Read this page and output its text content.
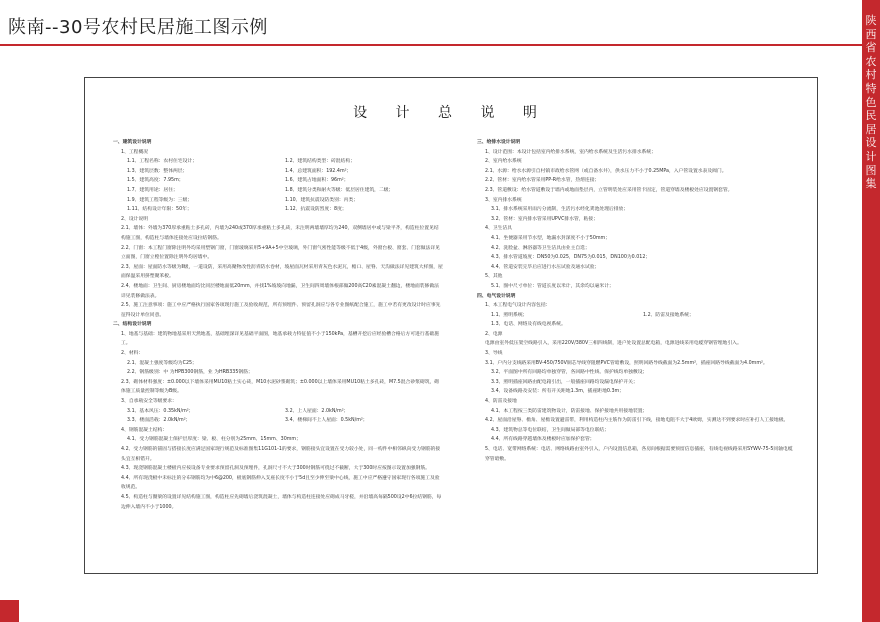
陕南--30号农村民居施工图示例	陕西省农村特色民居设计图集
设 计 总 说 明
一、建筑设计说明
1、工程概况
1.1、工程名称：农村住宅设计；	1.2、建筑结构类型：砖混结构；
1.3、建筑层数：整体两层；	1.4、总建筑面积：192.4m²；
1.5、建筑高度：7.95m；	1.6、建筑占地面积：96m²；
1.7、建筑用途：居住；	1.8、建筑分类和耐火等级：低层居住建筑，二级；
1.9、建筑工程等级为：三级；	1.10、建筑抗震设防类别：丙类；
1.11、结构设计年限：50年；	1.12、抗震设防烈度：8度；
2、设计说明
2.1、墙体：外墙为370厚承重粘土多孔砖，内墙为240或370厚承重粘土多孔砖，未注明两墙墙厚均为240，双侧墙居中或与梁平齐，构造柱位置见结构施工图，构造柱与墙体连接处应设拉结钢筋。
2.2、门窗：本工程门窗除注明外均采用塑钢门窗，门窗玻璃采用5+9A+5中空玻璃，外门窗气密性能等级不低于4级，外窗台板、窗套、门套做法详见立面图，门窗立樘位置除注明外均居墙中。
2.3、屋面：屋面防水等级为Ⅱ级，一道设防，采用高聚物改性沥青防水卷材，坡屋面瓦材采用青灰色水泥瓦，檐口、屋脊、天沟做法详见建筑大样图，屋面保温采用挤塑聚苯板。
2.4、楼地面：卫生间、厨房楼地面均比同层楼地面低20mm，并找1%坡坡向地漏，卫生间四周墙体根部做200高C20素混凝土翻边，楼地面装修做法详见装修做法表。
2.5、施工注意事项：施工中应严格执行国家各项现行施工及验收规范，所有预埋件、预留孔洞应与各专业图纸配合施工，施工中若有更改设计时应事先征得设计单位同意。
二、结构设计说明
1、地基与基础：建筑物地基采用天然地基，基础埋深详见基础平面图，地基承载力特征值不小于150kPa，基槽开挖后应经验槽合格后方可进行基础施工。
2、材料：
2.1、混凝土强度等级均为C25；
2.2、钢筋级别：中 为HPB300钢筋，业 为HRB335钢筋；
2.3、砌体材料强度：±0.000以下墙体采用MU10粘土实心砖，M10水泥砂浆砌筑；±0.000以上墙体采用MU10粘土多孔砖，M7.5混合砂浆砌筑，砌体施工质量控制等级为B级。
3、自承载安全等级要求：
3.1、基本风压：0.35kN/m²；	3.2、上人屋面：2.0kN/m²；
3.3、楼面活载：2.0kN/m²；	3.4、楼梯间不上人屋面：0.5kN/m²；
4、钢筋混凝土结构：
4.1、受力钢筋混凝土保护层厚度：梁、板、柱分别为25mm、15mm、30mm；
4.2、受力钢筋的锚固与搭接长度应满足国家现行规范及标准图集11G101-1的要求，钢筋接头宜设置在受力较小处，同一构件中相邻纵向受力钢筋的接头宜互相错开。
4.3、现浇钢筋混凝土楼板内应按设备专业要求预留孔洞及预埋件，孔洞尺寸不大于300时钢筋可绕过不截断，大于300时应按图示设置加强钢筋。
4.4、所有现浇板中未标注的分布钢筋均为中6@200，板底钢筋伸入支座长度不小于5d且至少伸至梁中心线，施工中应严格遵守国家现行各项施工及验收规范。
4.5、构造柱与圈梁的设置详见结构施工图，构造柱应先砌墙后浇筑混凝土，墙体与构造柱连接处应砌成马牙槎，并沿墙高每隔500设2中6拉结钢筋，每边伸入墙内不小于1000。
三、给排水设计说明
1、设计范围：本设计包括室内给排水系统，室内给水系统及生活污水排水系统；
2、室内给水系统
2.1、水源：给水水源引自村镇市政给水管网（或自备水井），供水压力不小于0.25MPa，入户管设置水表及阀门。
2.2、管材：室内给水管采用PP-R给水管，热熔连接；
2.3、管道敷设：给水管道敷设于墙内或地面垫层内，立管明装处应采用管卡固定，管道穿墙及楼板处应设置钢套管。
3、室内排水系统
3.1、排水系统采用雨污分流制，生活污水经化粪池处理后排放；
3.2、管材：室内排水管采用UPVC排水管，粘接；
4、卫生洁具
4.1、坐便器采用节水型，地漏水封深度不小于50mm；
4.2、洗脸盆、淋浴器等卫生洁具由业主自选；
4.3、排水管道坡度：DN50为0.025，DN75为0.015，DN100为0.012；
4.4、管道安装完毕后应进行水压试验及通水试验；
5、其他
5.1、图中尺寸单位：管道长度以米计，其余均以毫米计；
四、电气设计说明
1、本工程电气设计内容包括：
1.1、照明系统；	1.2、防雷及接地系统；
1.3、电话、网络及有线电视系统。
2、电源
电源由室外低压架空线路引入，采用220V/380V三相四线制，进户处设置总配电箱，电源进线采用电缆穿钢管埋地引入。
3、导线
3.1、户内分支线路采用BV-450/750V铜芯导线穿阻燃PVC管暗敷设，照明回路导线截面为2.5mm²，插座回路导线截面为4.0mm²。
3.2、平面图中所有回路均单独穿管，各回路中性线、保护线均单独敷设；
3.3、照明插座回路由配电箱引出，一般插座回路均设漏电保护开关；
3.4、设备线路及安装：所有开关距地1.3m，插座距地0.3m；
4、防雷及接地
4.1、本工程按三类防雷建筑物设计，防雷接地、保护接地共用接地装置；
4.2、屋面沿屋脊、檐角、屋檐设置避雷带，利用构造柱内主筋作为防雷引下线，接地电阻不大于4欧姆，实测达不到要求时应补打人工接地极。
4.3、建筑物总等电位联结，卫生间做局部等电位联结；
4.4、所有线路穿越墙体及楼板时应加保护套管；
5、电话、宽带网络系统：电话、网络线路由室外引入，户内设置信息箱，各房间根据需要预留信息插座，有线电视线路采用SYWV-75-5同轴电缆穿管暗敷。
